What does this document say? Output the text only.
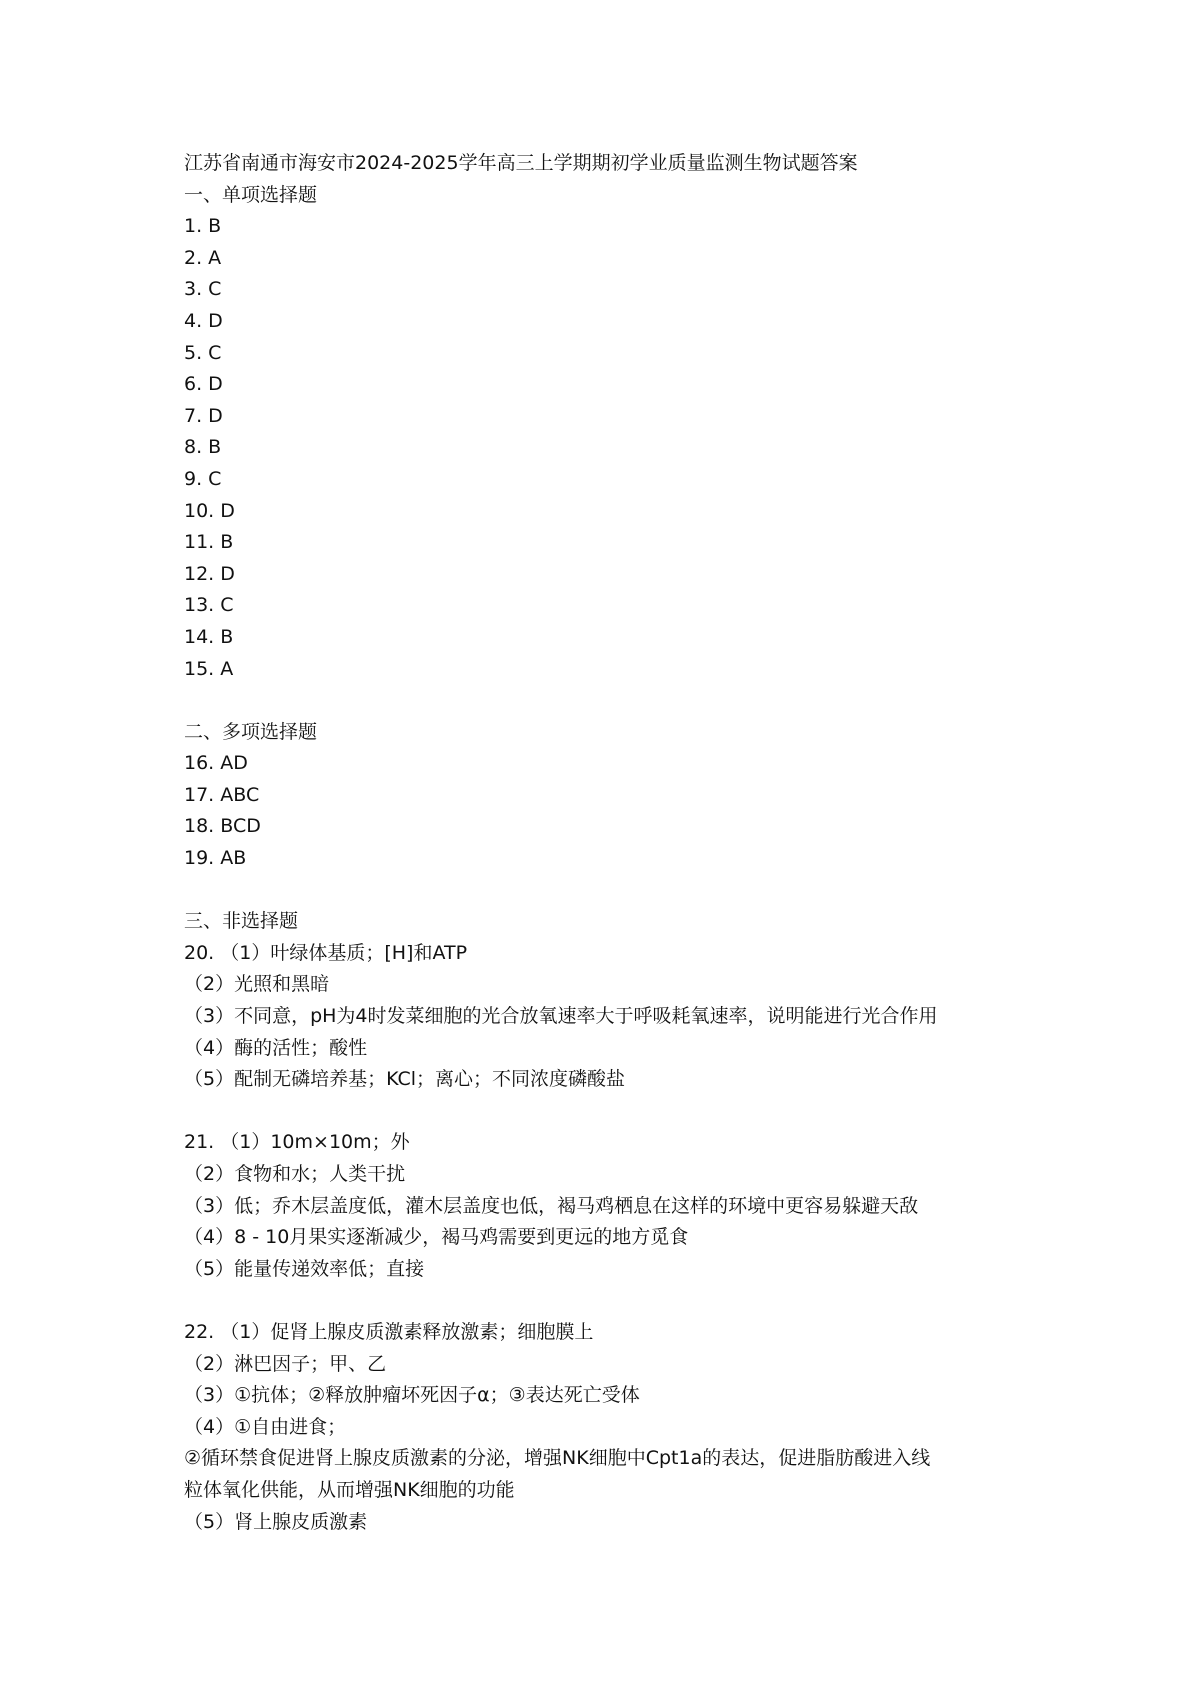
江苏省南通市海安市2024-2025学年高三上学期期初学业质量监测生物试题答案
一、单项选择题
1. B
2. A
3. C
4. D
5. C
6. D
7. D
8. B
9. C
10. D
11. B
12. D
13. C
14. B
15. A
二、多项选择题
16. AD
17. ABC
18. BCD
19. AB
三、非选择题
20. （1）叶绿体基质；[H]和ATP
（2）光照和黑暗
（3）不同意，pH为4时发菜细胞的光合放氧速率大于呼吸耗氧速率，说明能进行光合作用
（4）酶的活性；酸性
（5）配制无磷培养基；KCl；离心；不同浓度磷酸盐
21. （1）10m×10m；外
（2）食物和水；人类干扰
（3）低；乔木层盖度低，灌木层盖度也低，褐马鸡栖息在这样的环境中更容易躲避天敌
（4）8 - 10月果实逐渐减少，褐马鸡需要到更远的地方觅食
（5）能量传递效率低；直接
22. （1）促肾上腺皮质激素释放激素；细胞膜上
（2）淋巴因子；甲、乙
（3）①抗体；②释放肿瘤坏死因子α；③表达死亡受体
（4）①自由进食；
②循环禁食促进肾上腺皮质激素的分泌，增强NK细胞中Cpt1a的表达，促进脂肪酸进入线
粒体氧化供能，从而增强NK细胞的功能
（5）肾上腺皮质激素
